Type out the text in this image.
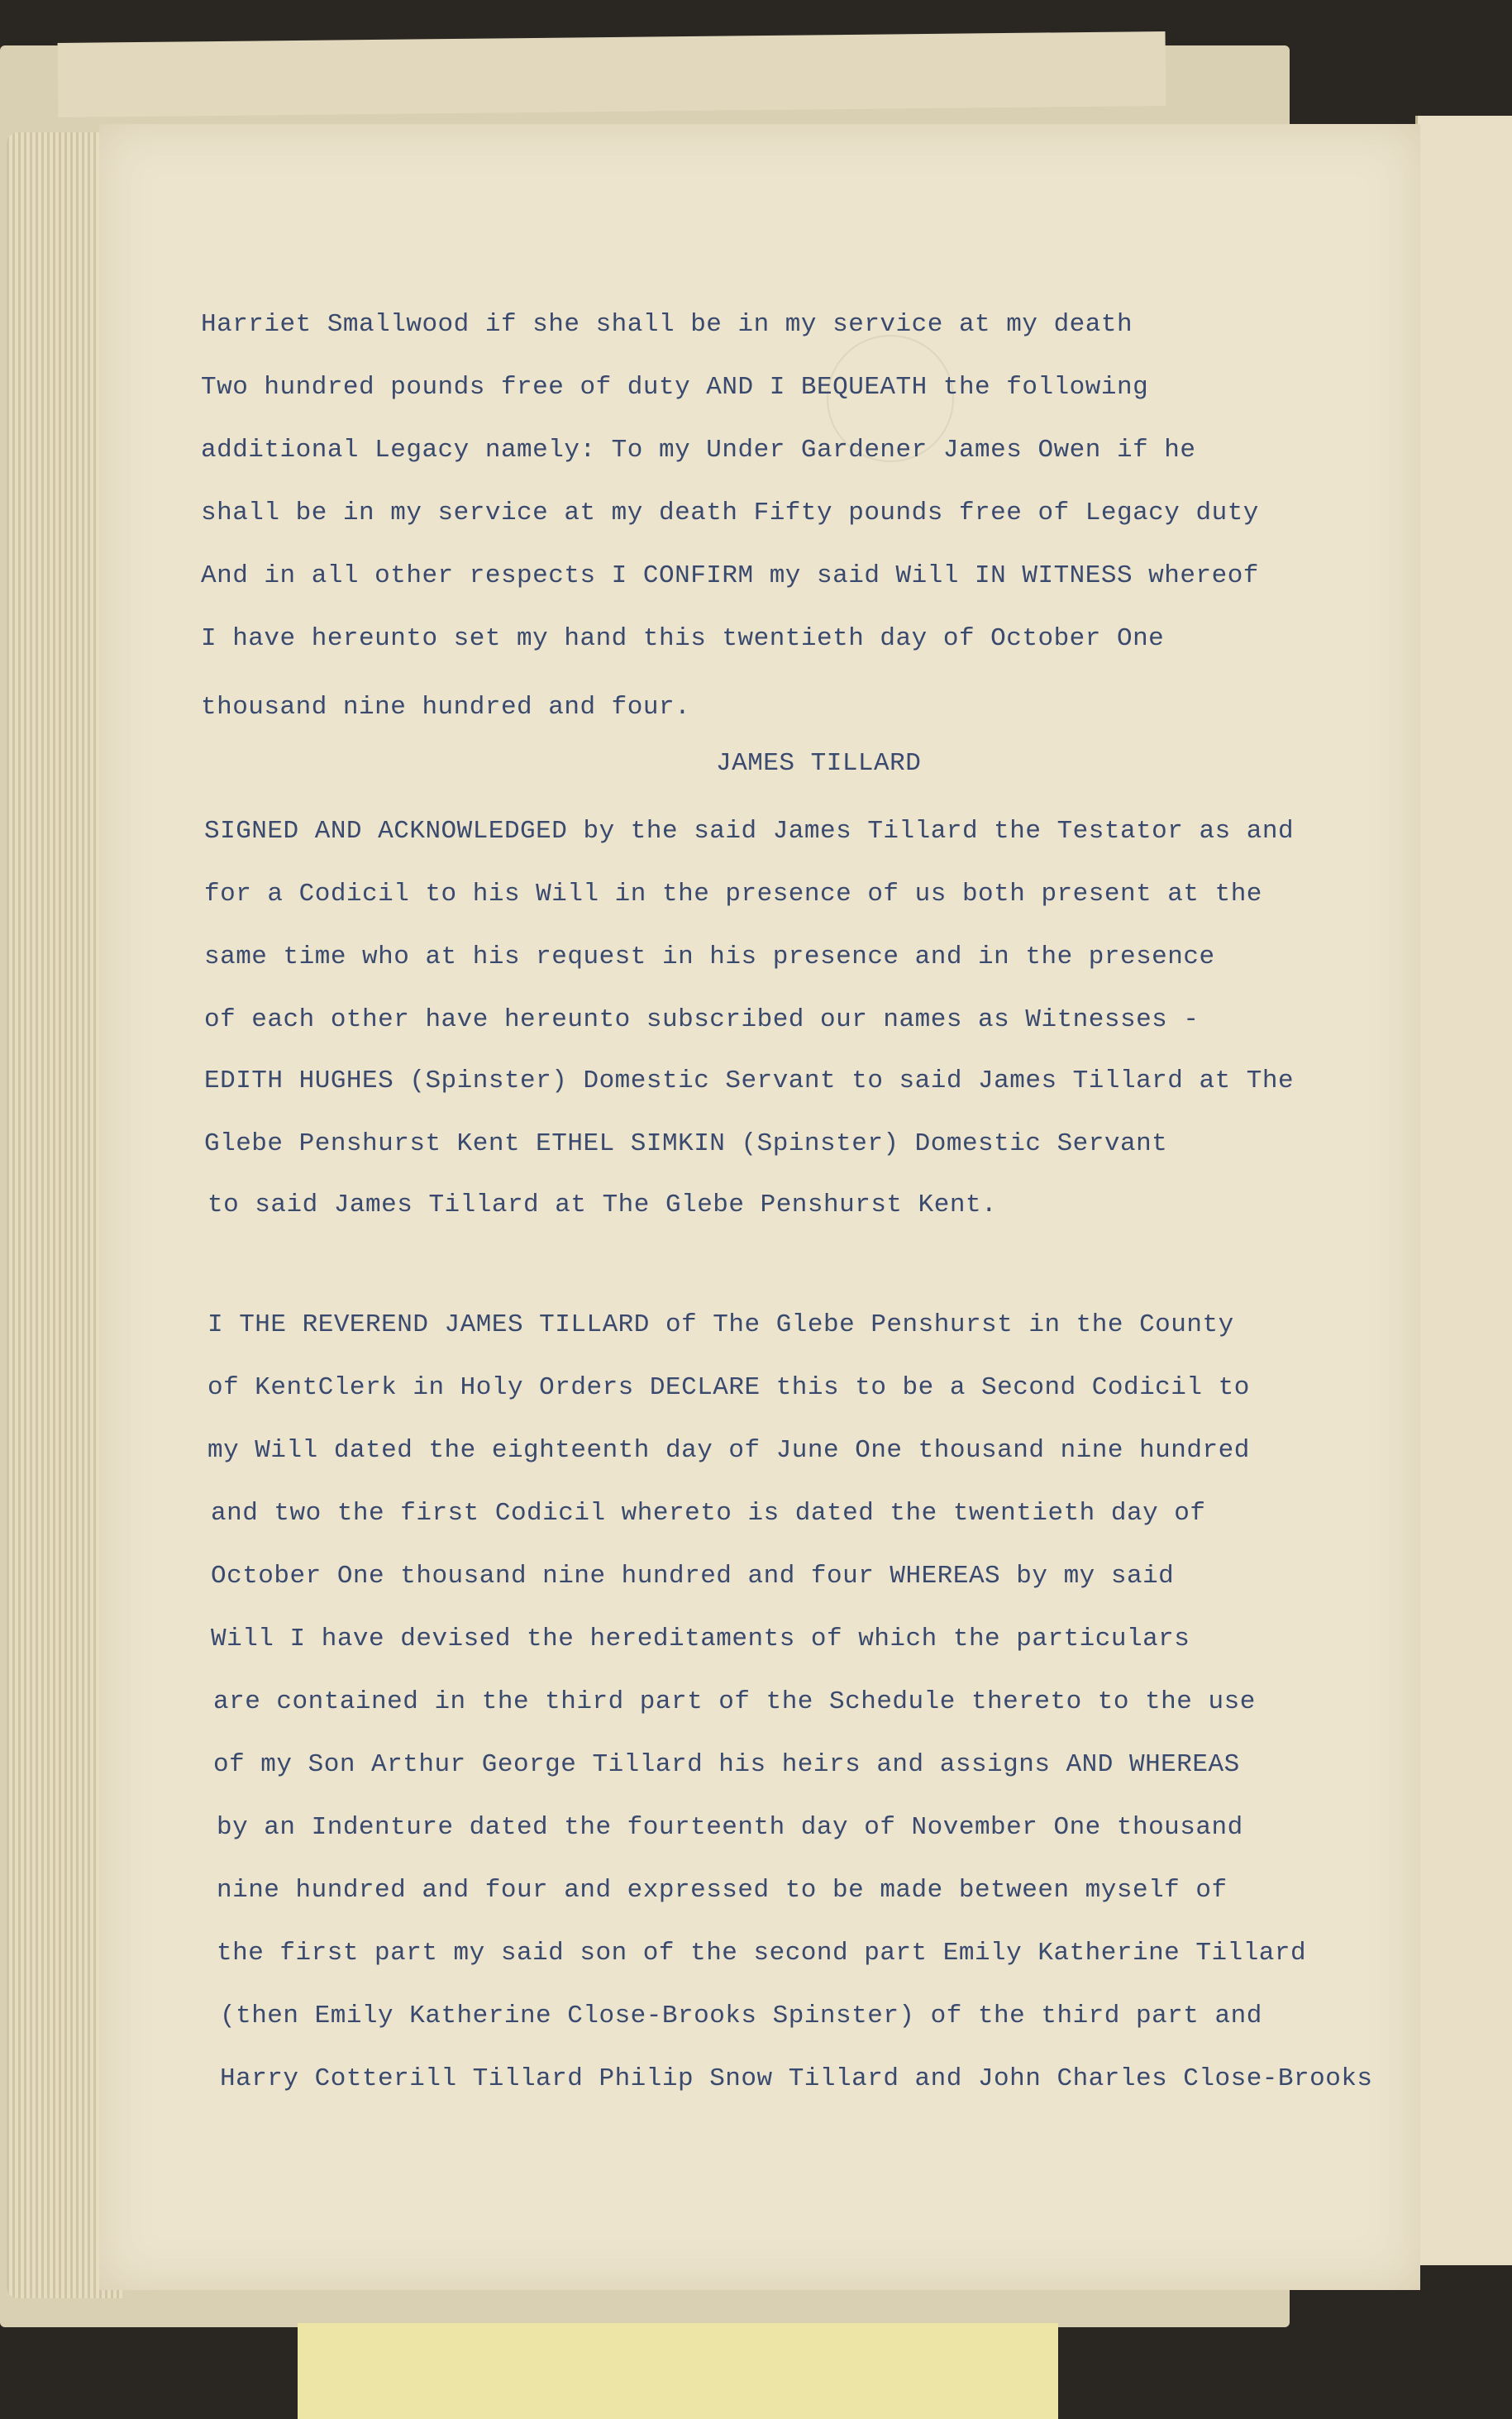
Harriet Smallwood if she shall be in my service at my death
Two hundred pounds free of duty AND I BEQUEATH the following
additional Legacy namely: To my Under Gardener James Owen if he
shall be in my service at my death Fifty pounds free of Legacy duty
And in all other respects I CONFIRM my said Will IN WITNESS whereof
I have hereunto set my hand this twentieth day of October One
thousand nine hundred and four.
JAMES TILLARD
SIGNED AND ACKNOWLEDGED by the said James Tillard the Testator as and
for a Codicil to his Will in the presence of us both present at the
same time who at his request in his presence and in the presence
of each other have hereunto subscribed our names as Witnesses -
EDITH HUGHES (Spinster) Domestic Servant to said James Tillard at The
Glebe Penshurst Kent ETHEL SIMKIN (Spinster) Domestic Servant
to said James Tillard at The Glebe Penshurst Kent.
I THE REVEREND JAMES TILLARD of The Glebe Penshurst in the County
of KentClerk in Holy Orders DECLARE this to be a Second Codicil to
my Will dated the eighteenth day of June One thousand nine hundred
and two the first Codicil whereto is dated the twentieth day of
October One thousand nine hundred and four WHEREAS by my said
Will I have devised the hereditaments of which the particulars
are contained in the third part of the Schedule thereto to the use
of my Son Arthur George Tillard his heirs and assigns AND WHEREAS
by an Indenture dated the fourteenth day of November One thousand
nine hundred and four and expressed to be made between myself of
the first part my said son of the second part Emily Katherine Tillard
(then Emily Katherine Close-Brooks Spinster) of the third part and
Harry Cotterill Tillard Philip Snow Tillard and John Charles Close-Brooks
